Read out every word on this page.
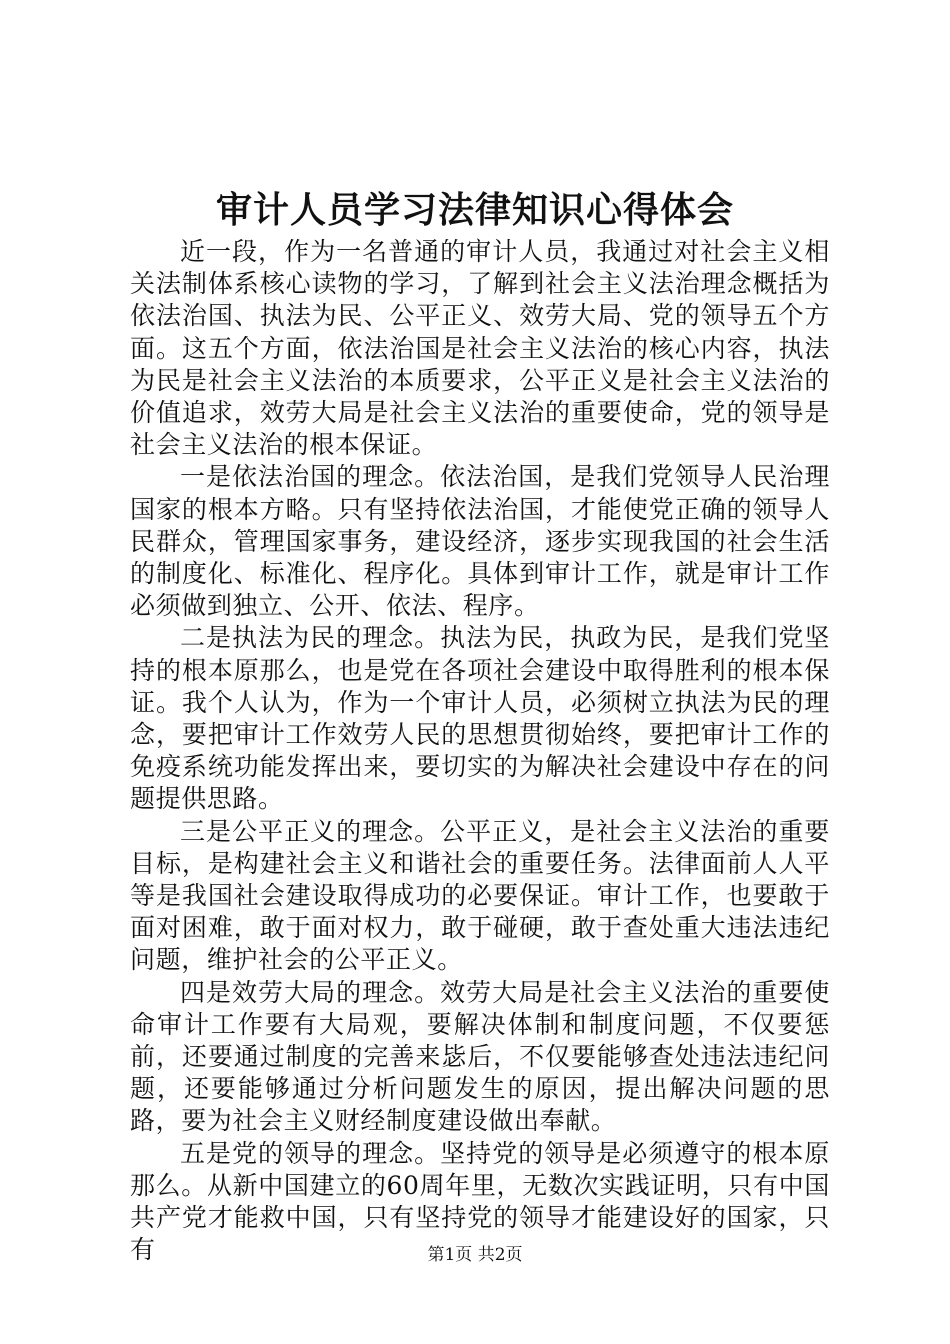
审计人员学习法律知识心得体会

近一段，作为一名普通的审计人员，我通过对社会主义相关法制体系核心读物的学习，了解到社会主义法治理念概括为依法治国、执法为民、公平正义、效劳大局、党的领导五个方面。这五个方面，依法治国是社会主义法治的核心内容，执法为民是社会主义法治的本质要求，公平正义是社会主义法治的价值追求，效劳大局是社会主义法治的重要使命，党的领导是社会主义法治的根本保证。

一是依法治国的理念。依法治国，是我们党领导人民治理国家的根本方略。只有坚持依法治国，才能使党正确的领导人民群众，管理国家事务，建设经济，逐步实现我国的社会生活的制度化、标准化、程序化。具体到审计工作，就是审计工作必须做到独立、公开、依法、程序。

二是执法为民的理念。执法为民，执政为民，是我们党坚持的根本原那么，也是党在各项社会建设中取得胜利的根本保证。我个人认为，作为一个审计人员，必须树立执法为民的理念，要把审计工作效劳人民的思想贯彻始终，要把审计工作的免疫系统功能发挥出来，要切实的为解决社会建设中存在的问题提供思路。

三是公平正义的理念。公平正义，是社会主义法治的重要目标，是构建社会主义和谐社会的重要任务。法律面前人人平等是我国社会建设取得成功的必要保证。审计工作，也要敢于面对困难，敢于面对权力，敢于碰硬，敢于查处重大违法违纪问题，维护社会的公平正义。

四是效劳大局的理念。效劳大局是社会主义法治的重要使命审计工作要有大局观，要解决体制和制度问题，不仅要惩前，还要通过制度的完善来毖后，不仅要能够查处违法违纪问题，还要能够通过分析问题发生的原因，提出解决问题的思路，要为社会主义财经制度建设做出奉献。

五是党的领导的理念。坚持党的领导是必须遵守的根本原那么。从新中国建立的60周年里，无数次实践证明，只有中国共产党才能救中国，只有坚持党的领导才能建设好的国家，只有	第1页 共2页
